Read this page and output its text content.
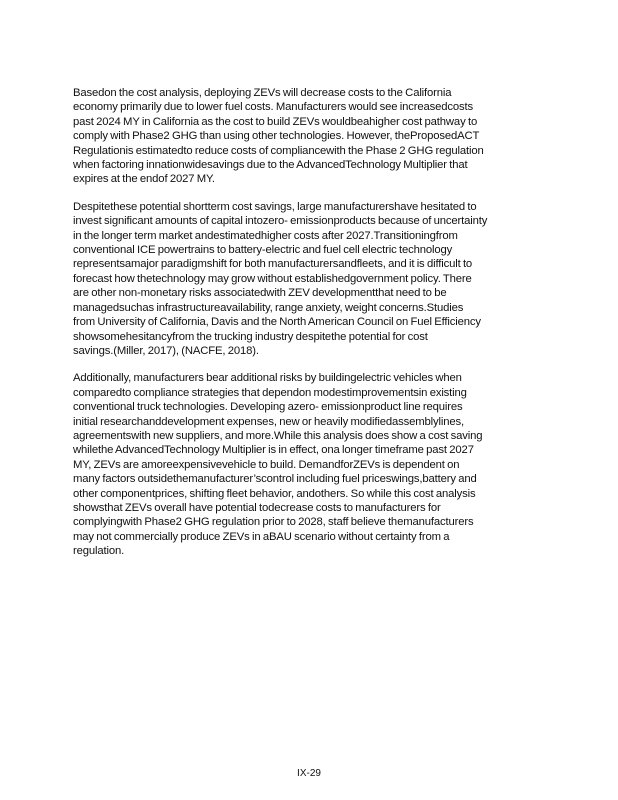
Basedon the cost analysis, deploying ZEVs will decrease costs to the California
economy primarily due to lower fuel costs. Manufacturers would see increasedcosts
past 2024 MY in California as the cost to build ZEVs wouldbeahigher cost pathway to
comply with Phase2 GHG than using other technologies. However, theProposedACT
Regulationis estimatedto reduce costs of compliancewith the Phase 2 GHG regulation
when factoring innationwidesavings due to the AdvancedTechnology Multiplier that
expires at the endof 2027 MY.

Despitethese potential shortterm cost savings, large manufacturershave hesitated to
invest significant amounts of capital intozero- emissionproducts because of uncertainty
in the longer term market andestimatedhigher costs after 2027.Transitioningfrom
conventional ICE powertrains to battery-electric and fuel cell electric technology
representsamajor paradigmshift for both manufacturersandfleets, and it is difficult to
forecast how thetechnology may grow without establishedgovernment policy. There
are other non-monetary risks associatedwith ZEV developmentthat need to be
managedsuchas infrastructureavailability, range anxiety, weight concerns.Studies
from University of California, Davis and the North American Council on Fuel Efficiency
showsomehesitancyfrom the trucking industry despitethe potential for cost
savings.(Miller, 2017), (NACFE, 2018).

Additionally, manufacturers bear additional risks by buildingelectric vehicles when
comparedto compliance strategies that dependon modestimprovementsin existing
conventional truck technologies. Developing azero- emissionproduct line requires
initial researchanddevelopment expenses, new or heavily modifiedassemblylines,
agreementswith new suppliers, and more.While this analysis does show a cost saving
whilethe AdvancedTechnology Multiplier is in effect, ona longer timeframe past 2027
MY, ZEVs are amoreexpensivevehicle to build. DemandforZEVs is dependent on
many factors outsidethemanufacturer’scontrol including fuel priceswings,battery and
other componentprices, shifting fleet behavior, andothers. So while this cost analysis
showsthat ZEVs overall have potential todecrease costs to manufacturers for
complyingwith Phase2 GHG regulation prior to 2028, staff believe themanufacturers
may not commercially produce ZEVs in aBAU scenario without certainty from a
regulation.

IX-29
